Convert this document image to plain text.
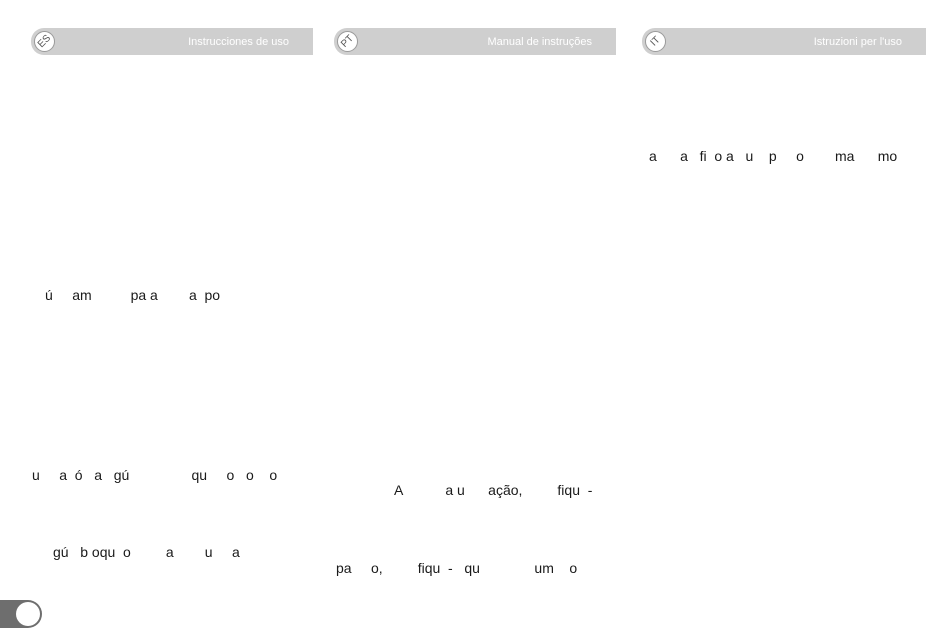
ES	Instrucciones de uso	PT	Manual de instruções	IT	Istruzioni per l'uso
ú     am          pa a        a  po
u     a  ó   a   gú                qu     o   o    o
gú   b oqu  o         a        u     a
A           a u      ação,         fiqu  -
pa     o,         fiqu  -   qu              um    o
a      a   fi  o a   u    p     o        ma      mo
